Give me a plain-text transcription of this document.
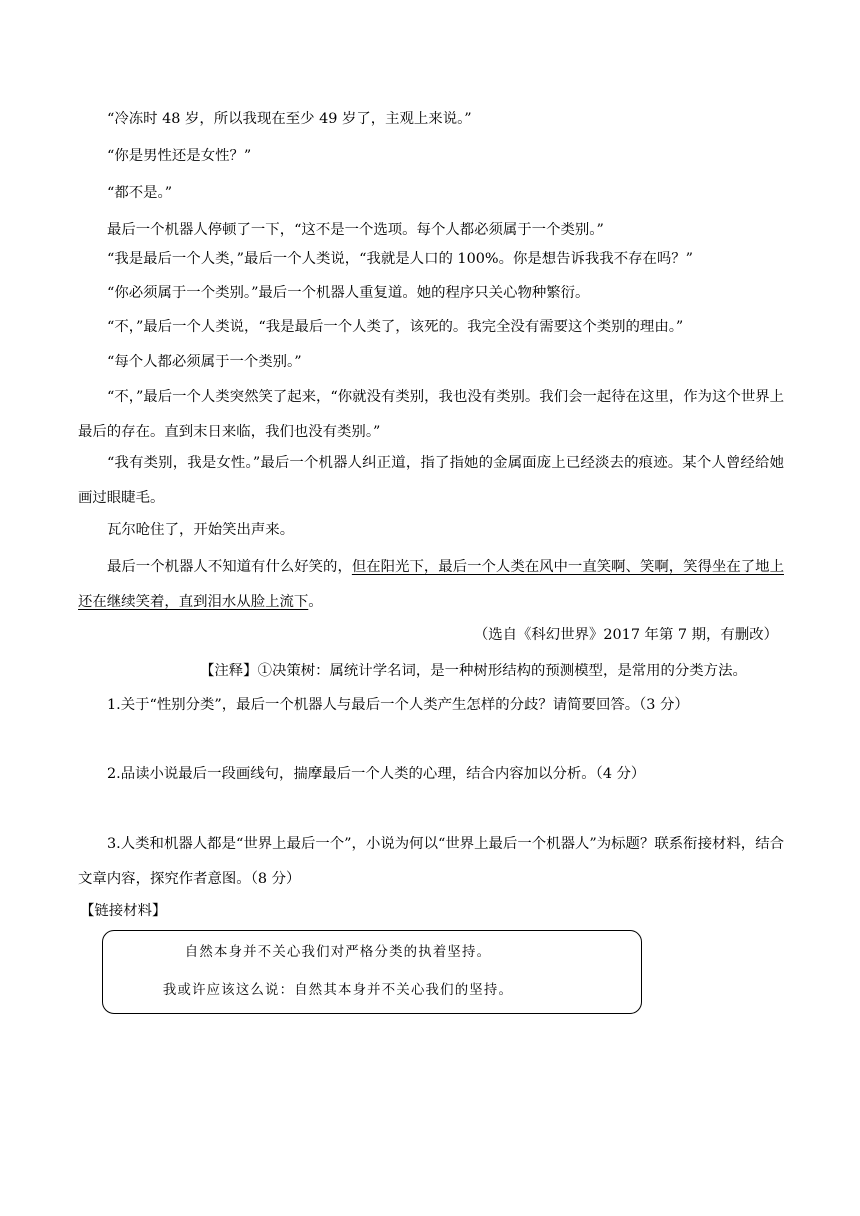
“冷冻时 48 岁，所以我现在至少 49 岁了，主观上来说。”

“你是男性还是女性？”

“都不是。”

最后一个机器人停顿了一下，“这不是一个选项。每个人都必须属于一个类别。”

“我是最后一个人类，”最后一个人类说，“我就是人口的 100%。你是想告诉我我不存在吗？”

“你必须属于一个类别。”最后一个机器人重复道。她的程序只关心物种繁衍。

“不，”最后一个人类说，“我是最后一个人类了，该死的。我完全没有需要这个类别的理由。”

“每个人都必须属于一个类别。”

“不，”最后一个人类突然笑了起来，“你就没有类别，我也没有类别。我们会一起待在这里，作为这个世界上最后的存在。直到末日来临，我们也没有类别。”

“我有类别，我是女性。”最后一个机器人纠正道，指了指她的金属面庞上已经淡去的痕迹。某个人曾经给她画过眼睫毛。

瓦尔呛住了，开始笑出声来。

最后一个机器人不知道有什么好笑的，但在阳光下，最后一个人类在风中一直笑啊、笑啊，笑得坐在了地上还在继续笑着，直到泪水从脸上流下。

（选自《科幻世界》2017 年第 7 期，有删改）
【注释】①决策树：属统计学名词，是一种树形结构的预测模型，是常用的分类方法。
1.关于“性别分类”，最后一个机器人与最后一个人类产生怎样的分歧？请简要回答。（3 分）
2.品读小说最后一段画线句，揣摩最后一个人类的心理，结合内容加以分析。（4 分）
3.人类和机器人都是“世界上最后一个”，小说为何以“世界上最后一个机器人”为标题？联系衔接材料，结合文章内容，探究作者意图。（8 分）
【链接材料】
自然本身并不关心我们对严格分类的执着坚持。
我或许应该这么说：自然其本身并不关心我们的坚持。
